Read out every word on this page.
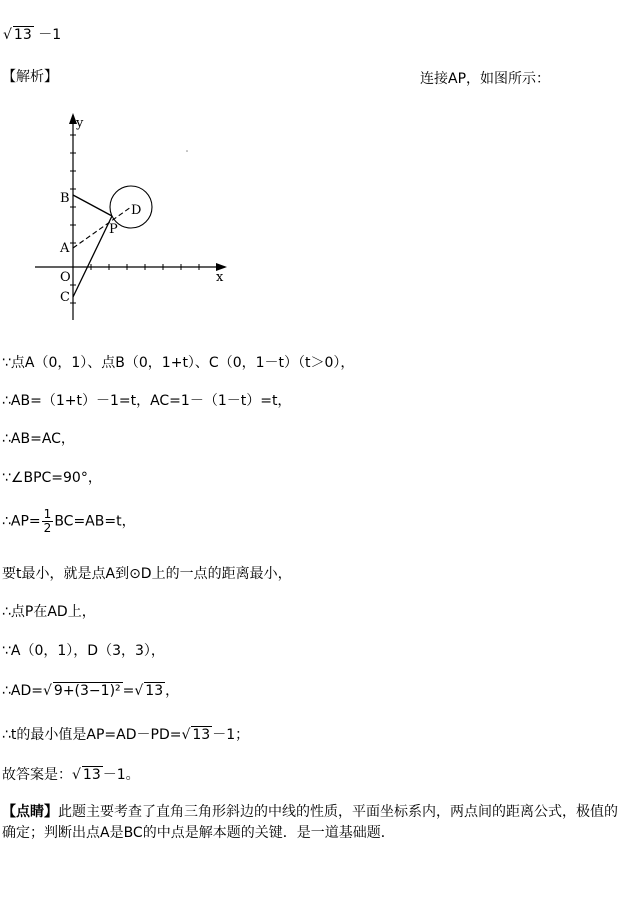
√ 13 －1
【解析】	连接AP，如图所示：
y
x
B
D
P
A
O
C
∵点A（0，1）、点B（0，1+t）、C（0，1－t）（t＞0），
∴AB=（1+t）－1=t，AC=1－（1－t）=t，
∴AB=AC，
∵∠BPC=90°，
∴AP= $\frac{1}{2} BC=AB=t$，
要t最小，就是点A到⊙D上的一点的距离最小，
∴点P在AD上，
∵A（0，1），D（3，3），
∴AD=√ 9+(3−1)² =√ 13 ，
∴t的最小值是AP=AD－PD=√ 13 －1；
故答案是：√ 13 －1。
【点睛】此题主要考查了直角三角形斜边的中线的性质，平面坐标系内，两点间的距离公式，极值的确定；判断出点A是BC的中点是解本题的关键．是一道基础题．
